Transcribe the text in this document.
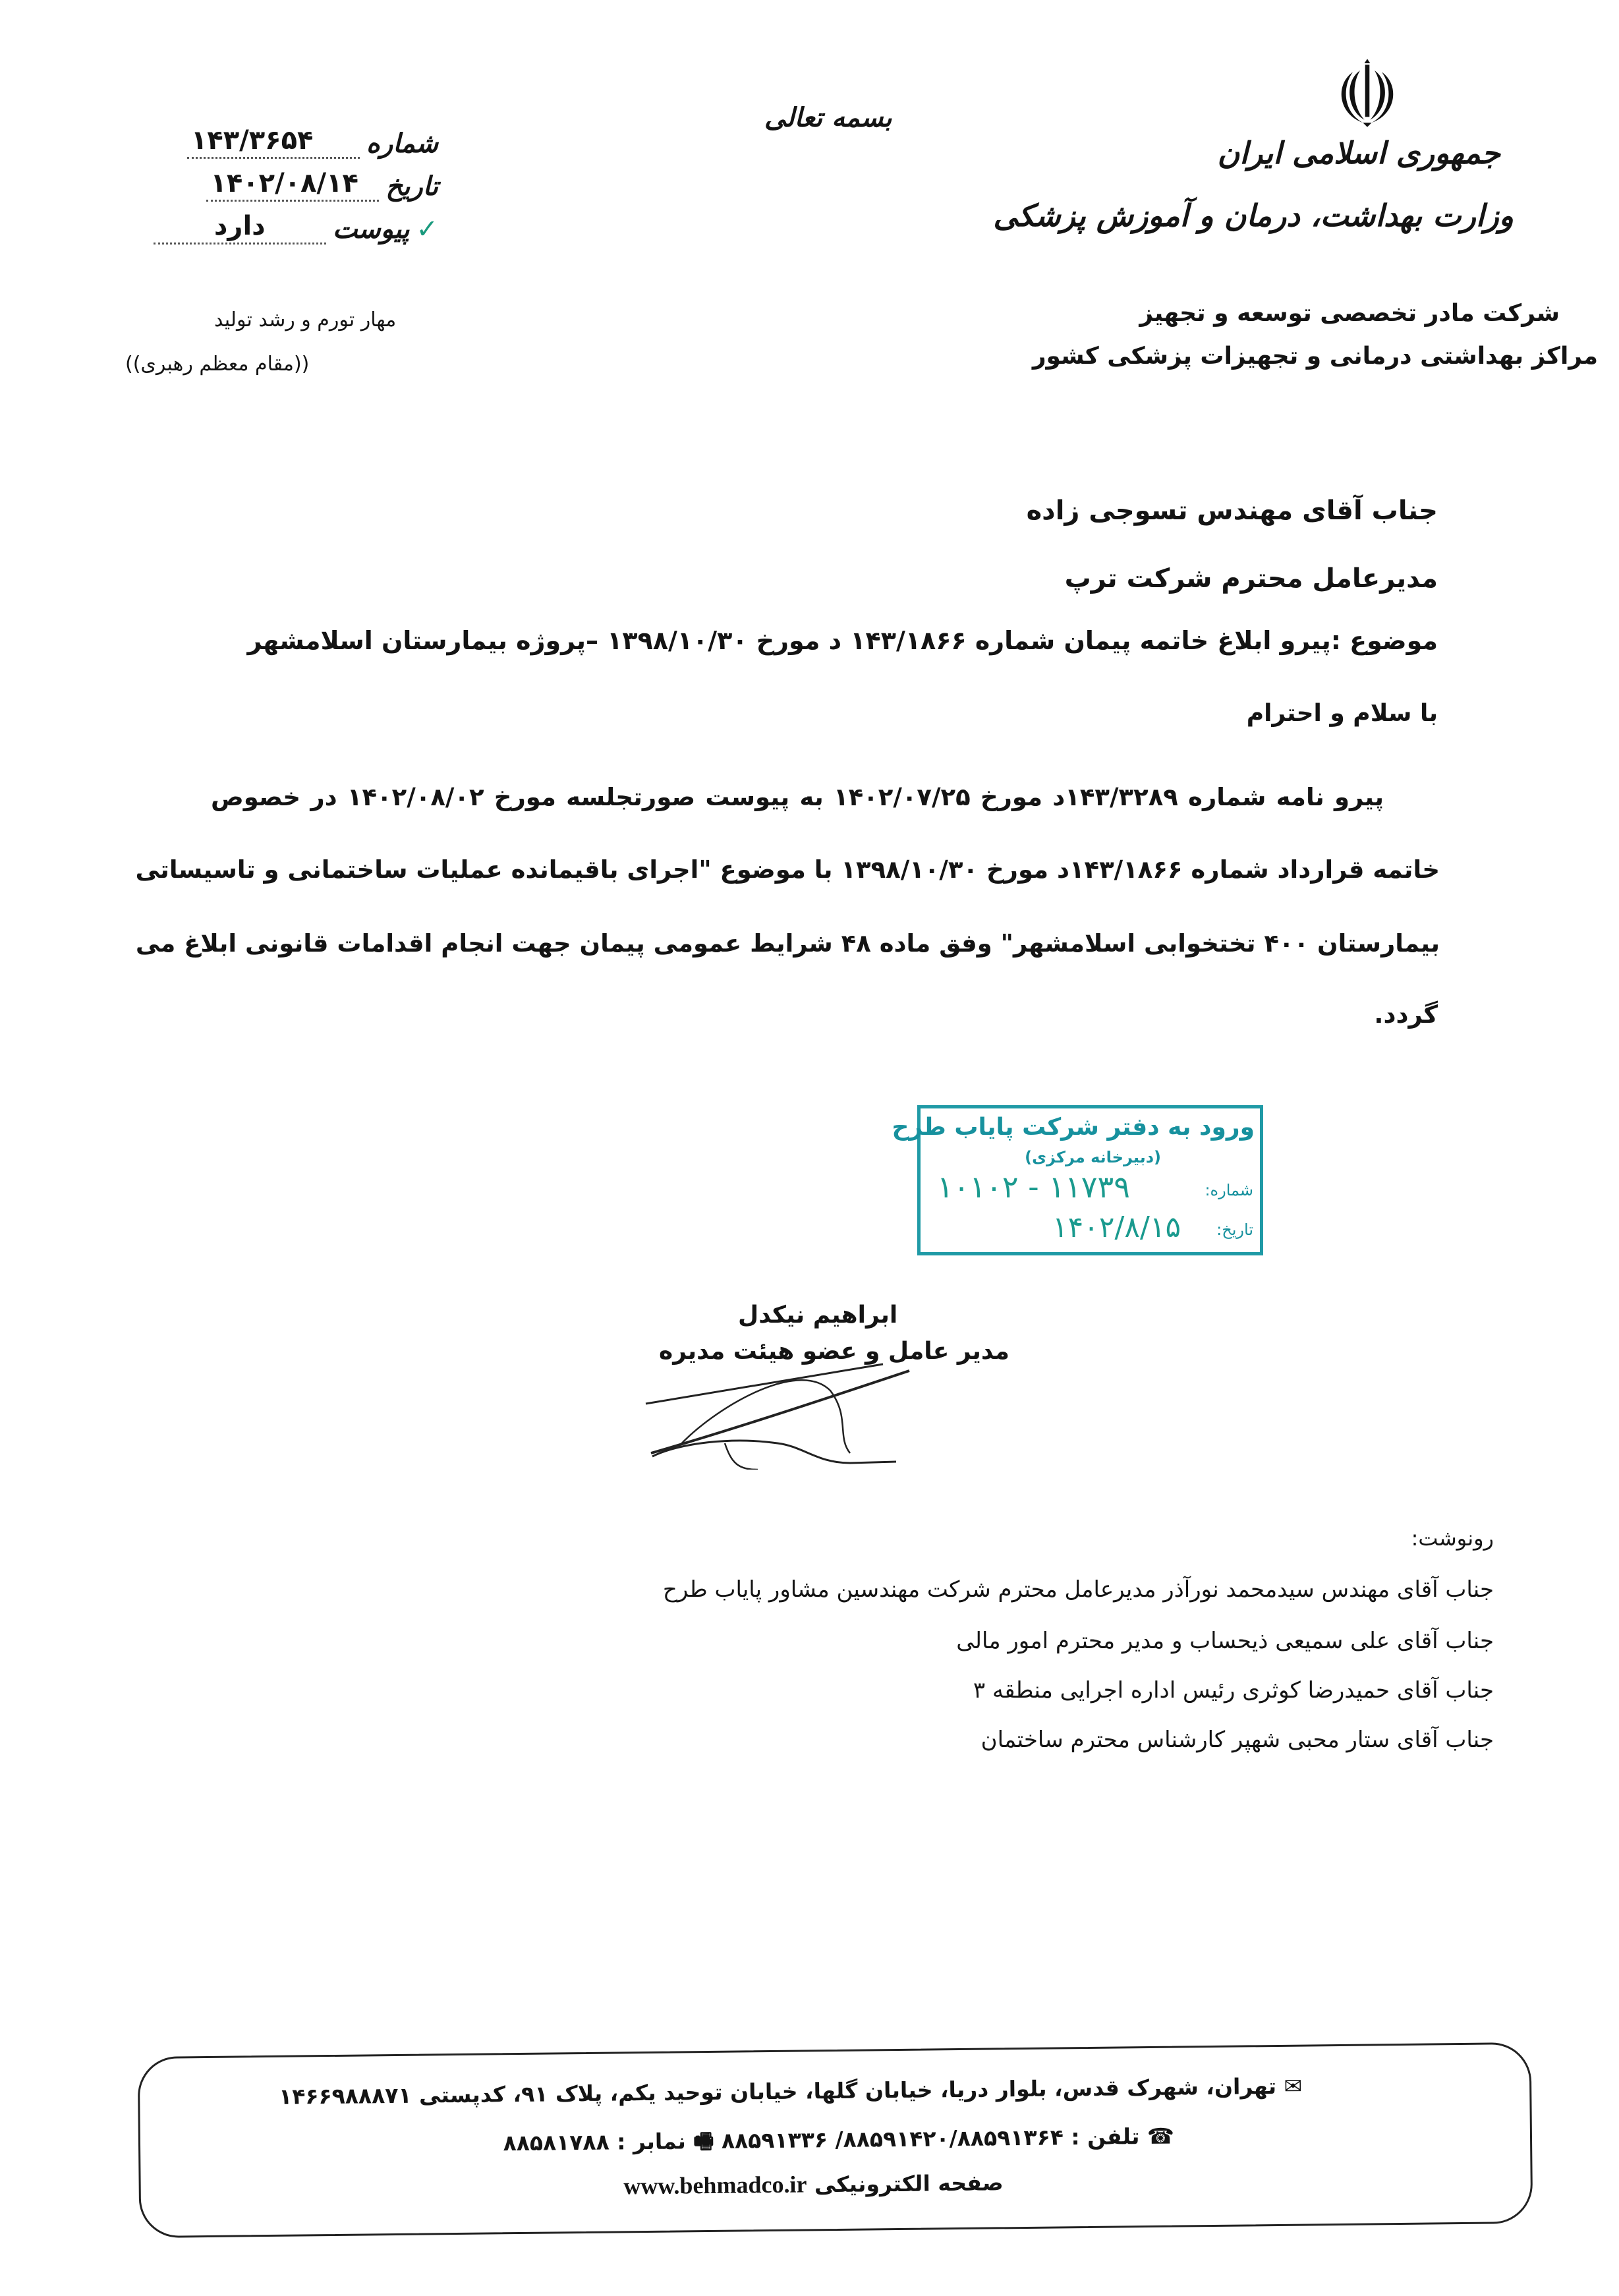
جمهوری اسلامی ایران
وزارت بهداشت، درمان و آموزش پزشکی
شرکت مادر تخصصی توسعه و تجهیز
مراکز بهداشتی درمانی و تجهیزات پزشکی کشور
بسمه تعالی
شماره
۱۴۳/۳۶۵۴
تاریخ
۱۴۰۲/۰۸/۱۴
✓
پیوست
دارد
مهار تورم و رشد تولید
((مقام معظم رهبری))
جناب آقای مهندس تسوجی زاده
مدیرعامل محترم شرکت ترپ
موضوع :پیرو ابلاغ خاتمه پیمان شماره ۱۴۳/۱۸۶۶ د مورخ ۱۳۹۸/۱۰/۳۰ –پروژه بیمارستان اسلامشهر
با سلام و احترام
پیرو نامه شماره ۱۴۳/۳۲۸۹د مورخ ۱۴۰۲/۰۷/۲۵ به پیوست صورتجلسه مورخ ۱۴۰۲/۰۸/۰۲ در خصوص
خاتمه قرارداد شماره ۱۴۳/۱۸۶۶د مورخ ۱۳۹۸/۱۰/۳۰ با موضوع "اجرای باقیمانده عملیات ساختمانی و تاسیساتی
بیمارستان ۴۰۰ تختخوابی اسلامشهر" وفق ماده ۴۸ شرایط عمومی پیمان جهت انجام اقدامات قانونی ابلاغ می
گردد.
ورود به دفتر شرکت پایاب طرح
(دبیرخانه مرکزی)
شماره:
۱۰۱۰۲ - ۱۱۷۳۹
تاریخ:
۱۴۰۲/۸/۱۵
ابراهیم نیکدل
مدیر عامل و عضو هیئت مدیره
رونوشت:
جناب آقای مهندس سیدمحمد نورآذر مدیرعامل محترم شرکت مهندسین مشاور پایاب طرح
جناب آقای علی سمیعی ذیحساب و مدیر محترم امور مالی
جناب آقای حمیدرضا کوثری رئیس اداره اجرایی منطقه ۳
جناب آقای ستار محبی شهپر کارشناس محترم ساختمان
✉ تهران، شهرک قدس، بلوار دریا، خیابان گلها، خیابان توحید یکم، پلاک ۹۱، کدپستی ۱۴۶۶۹۸۸۸۷۱
☎ تلفن : ۸۸۵۹۱۴۲۰/۸۸۵۹۱۳۶۴/ ۸۸۵۹۱۳۳۶ 🖷 نمابر : ۸۸۵۸۱۷۸۸
صفحه الکترونیکی www.behmadco.ir
